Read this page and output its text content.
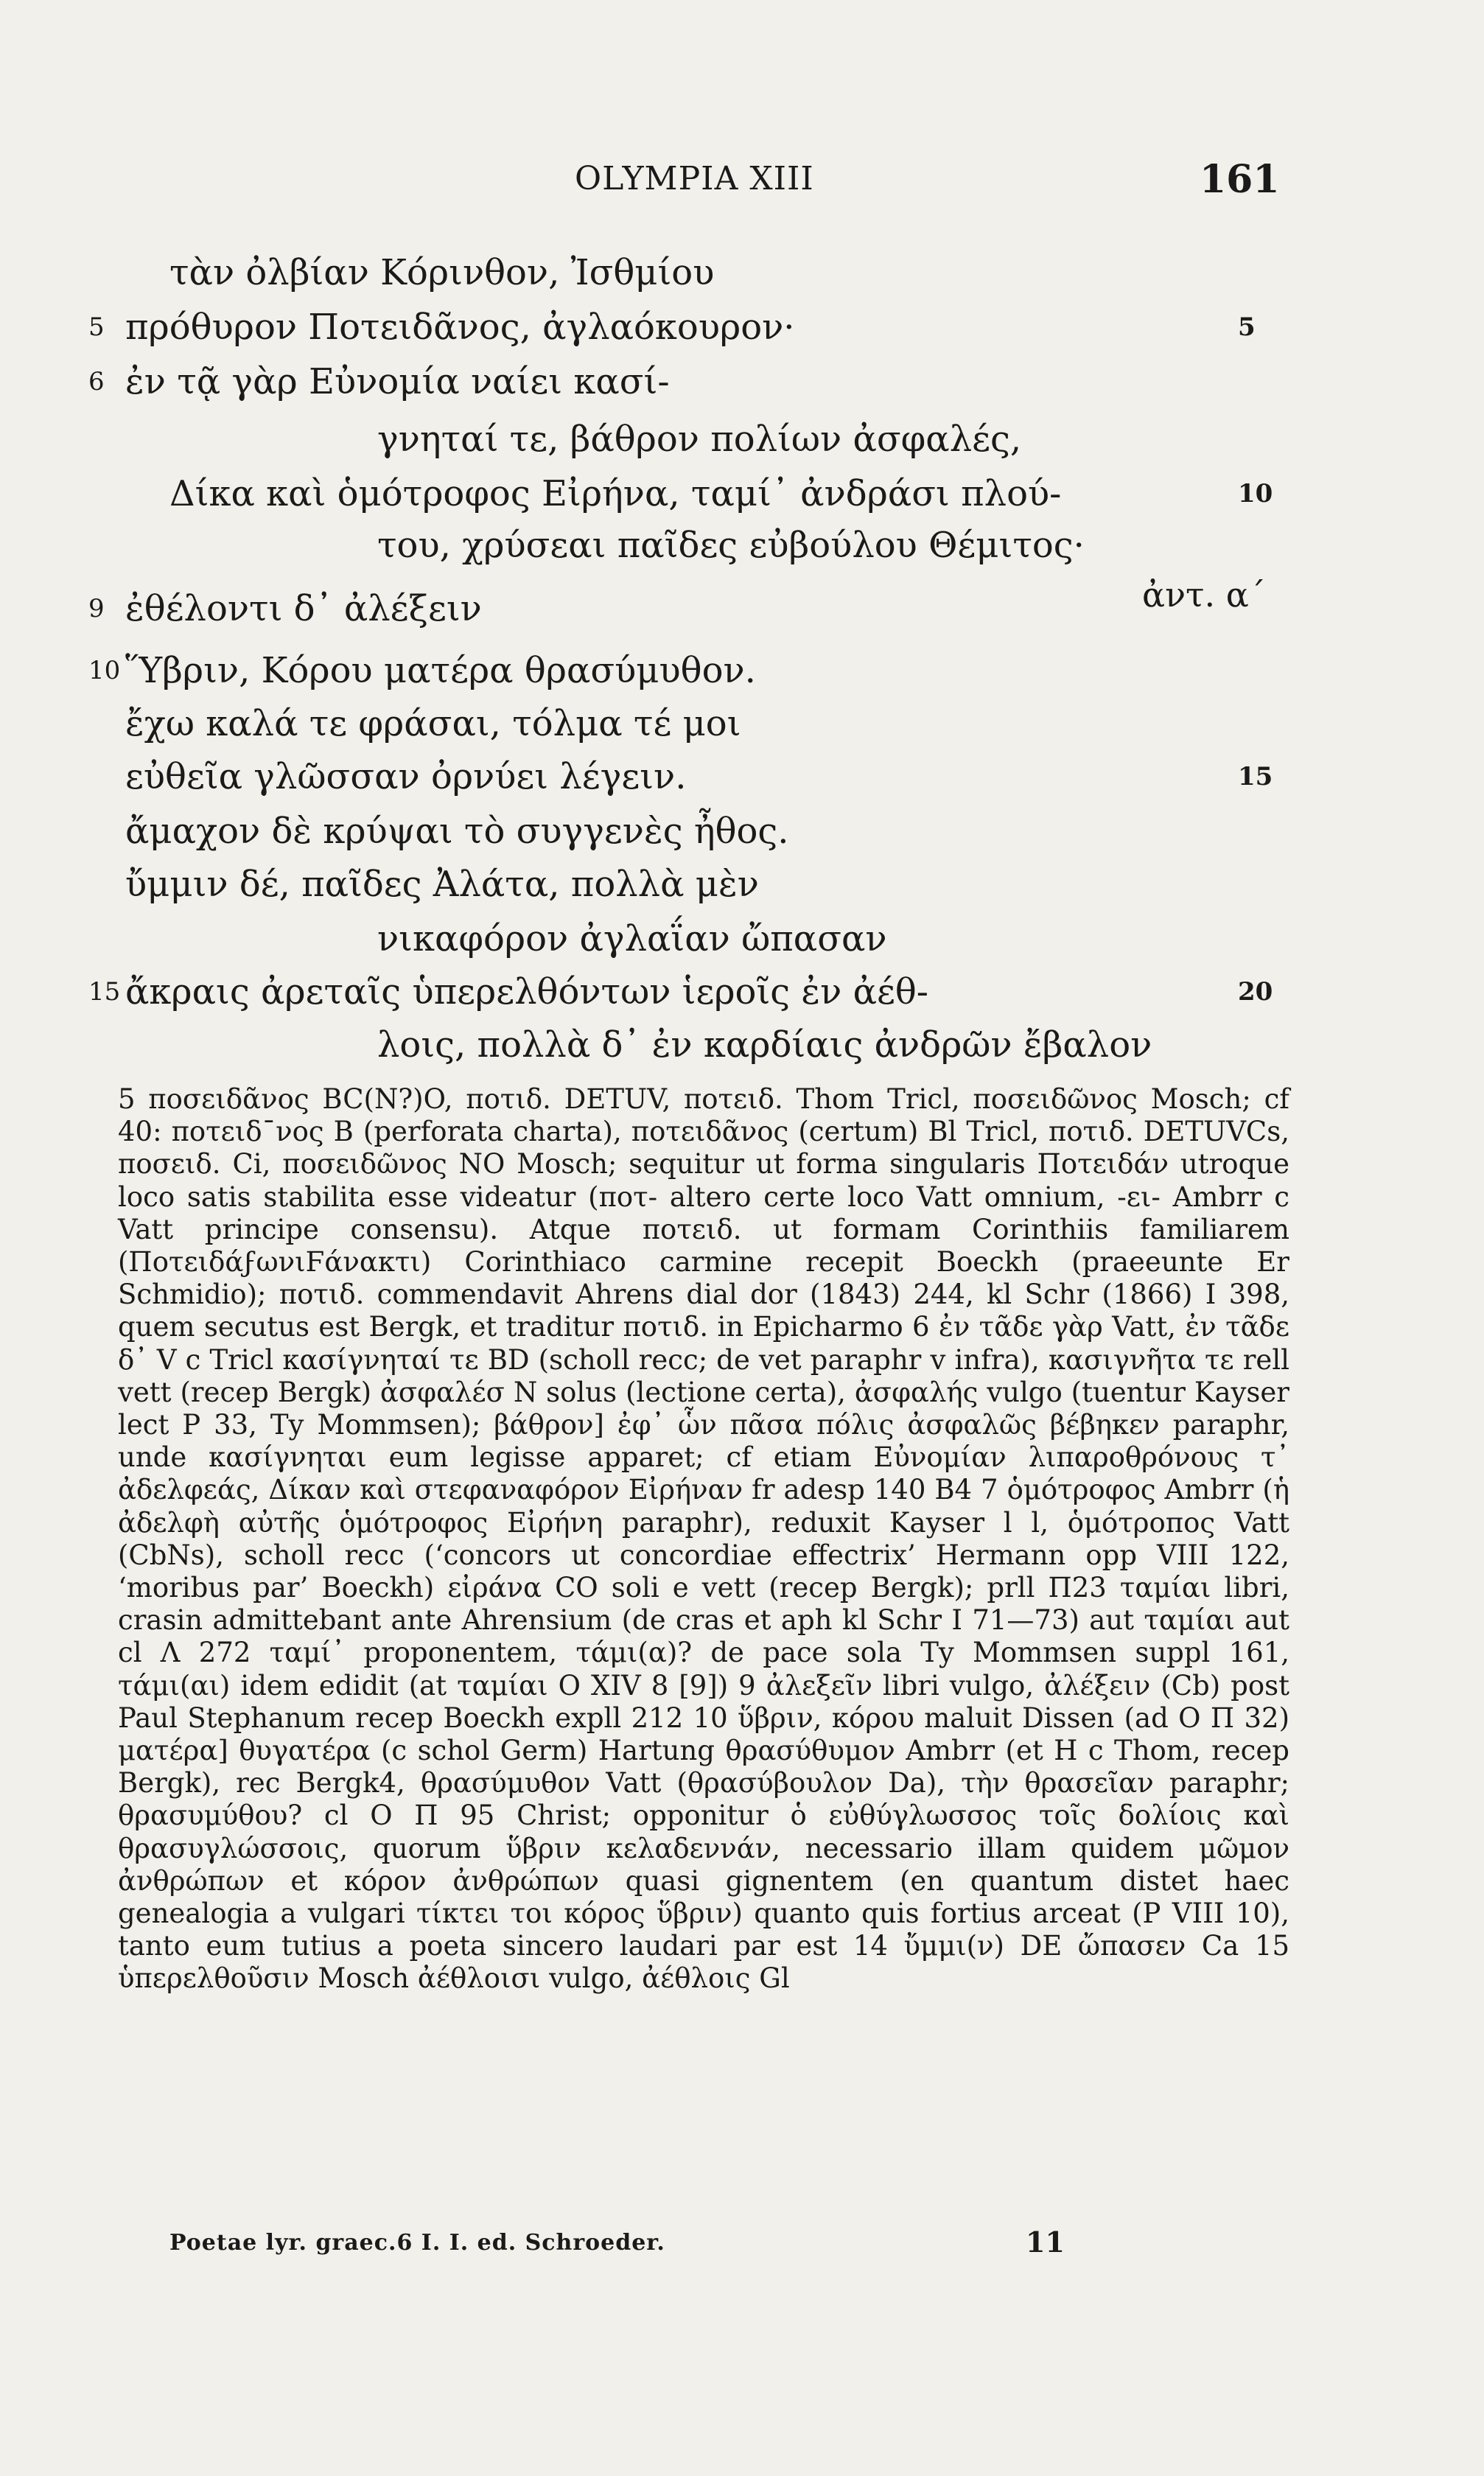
OLYMPIA XIII	161
ἀντ. α΄
τὰν ὀλβίαν Κόρινθον, Ἰσθμίου
5 πρόθυρον Ποτειδᾶνος, ἀγλαόκουρον·	5
6 ἐν τᾷ γὰρ Εὐνομία ναίει κασί-
γνηταί τε, βάθρον πολίων ἀσφαλές,
Δίκα καὶ ὁμότροφος Εἰρήνα, ταμί᾽ ἀνδράσι πλού-	10
του, χρύσεαι παῖδες εὐβούλου Θέμιτος·
9 ἐθέλοντι δ᾽ ἀλέξειν
10 Ὕβριν, Κόρου ματέρα θρασύμυθον.
ἔχω καλά τε φράσαι, τόλμα τέ μοι
εὐθεῖα γλῶσσαν ὀρνύει λέγειν.	15
ἄμαχον δὲ κρύψαι τὸ συγγενὲς ἦθος.
ὔμμιν δέ, παῖδες Ἀλάτα, πολλὰ μὲν
νικαφόρον ἀγλαΐαν ὤπασαν
15 ἄκραις ἀρεταῖς ὑπερελθόντων ἱεροῖς ἐν ἀέθ-	20
λοις, πολλὰ δ᾽ ἐν καρδίαις ἀνδρῶν ἔβαλον

5 ποσειδᾶνος BC(N?)O, ποτιδ. DETUV, ποτειδ. Thom Tricl, ποσειδῶνος Mosch; cf 40: ποτειδ¯νος B (perforata charta), ποτειδᾶνος (certum) Bl Tricl, ποτιδ. DETUVCs, ποσειδ. Ci, ποσειδῶνος NO Mosch; sequitur ut forma singularis Ποτειδάν utroque loco satis stabilita esse videatur (ποτ- altero certe loco Vatt omnium, -ει- Ambrr c Vatt principe consensu). Atque ποτειδ. ut formam Corinthiis familiarem (ΠοτειδάϝωνιϜάνακτι) Corinthiaco carmine recepit Boeckh (praeeunte Er Schmidio); ποτιδ. commendavit Ahrens dial dor (1843) 244, kl Schr (1866) I 398, quem secutus est Bergk, et traditur ποτιδ. in Epicharmo 6 ἐν τᾶδε γὰρ Vatt, ἐν τᾶδε δ᾽ V c Tricl κασίγνηταί τε BD (scholl recc; de vet paraphr v infra), κασιγνῆτα τε rell vett (recep Bergk) ἀσφαλέσ N solus (lectione certa), ἀσφαλής vulgo (tuentur Kayser lect P 33, Ty Mommsen); βάθρον] ἐφ᾽ ὧν πᾶσα πόλις ἀσφαλῶς βέβηκεν paraphr, unde κασίγνηται eum legisse apparet; cf etiam Εὐνομίαν λιπαροθρόνους τ᾽ ἀδελφεάς, Δίκαν καὶ στεφαναφόρον Εἰρήναν fr adesp 140 B4 7 ὁμότροφος Ambrr (ἡ ἀδελφὴ αὐτῆς ὁμότροφος Εἰρήνη paraphr), reduxit Kayser l l, ὁμότροπος Vatt (CbNs), scholl recc (‘concors ut concordiae effectrix’ Hermann opp VIII 122, ‘moribus par’ Boeckh) εἰράνα CO soli e vett (recep Bergk); prll Π23 ταμίαι libri, crasin admittebant ante Ahrensium (de cras et aph kl Schr I 71—73) aut ταμίαι aut cl Λ 272 ταμί᾽ proponentem, τάμι(α)? de pace sola Ty Mommsen suppl 161, τάμι(αι) idem edidit (at ταμίαι O XIV 8 [9]) 9 ἀλεξεῖν libri vulgo, ἀλέξειν (Cb) post Paul Stephanum recep Boeckh expll 212 10 ὕβριν, κόρου maluit Dissen (ad O Π 32) ματέρα] θυγατέρα (c schol Germ) Hartung θρασύθυμον Ambrr (et H c Thom, recep Bergk), rec Bergk4, θρασύμυθον Vatt (θρασύβουλον Da), τὴν θρασεῖαν paraphr; θρασυμύθου? cl O Π 95 Christ; opponitur ὁ εὐθύγλωσσος τοῖς δολίοις καὶ θρασυγλώσσοις, quorum ὕβριν κελαδεννάν, necessario illam quidem μῶμον ἀνθρώπων et κόρον ἀνθρώπων quasi gignentem (en quantum distet haec genealogia a vulgari τίκτει τοι κόρος ὕβριν) quanto quis fortius arceat (P VIII 10), tanto eum tutius a poeta sincero laudari par est 14 ὔμμι(ν) DE ὤπασεν Ca 15 ὑπερελθοῦσιν Mosch ἀέθλοισι vulgo, ἀέθλοις Gl

Poetae lyr. graec.6 I. I. ed. Schroeder.	11
